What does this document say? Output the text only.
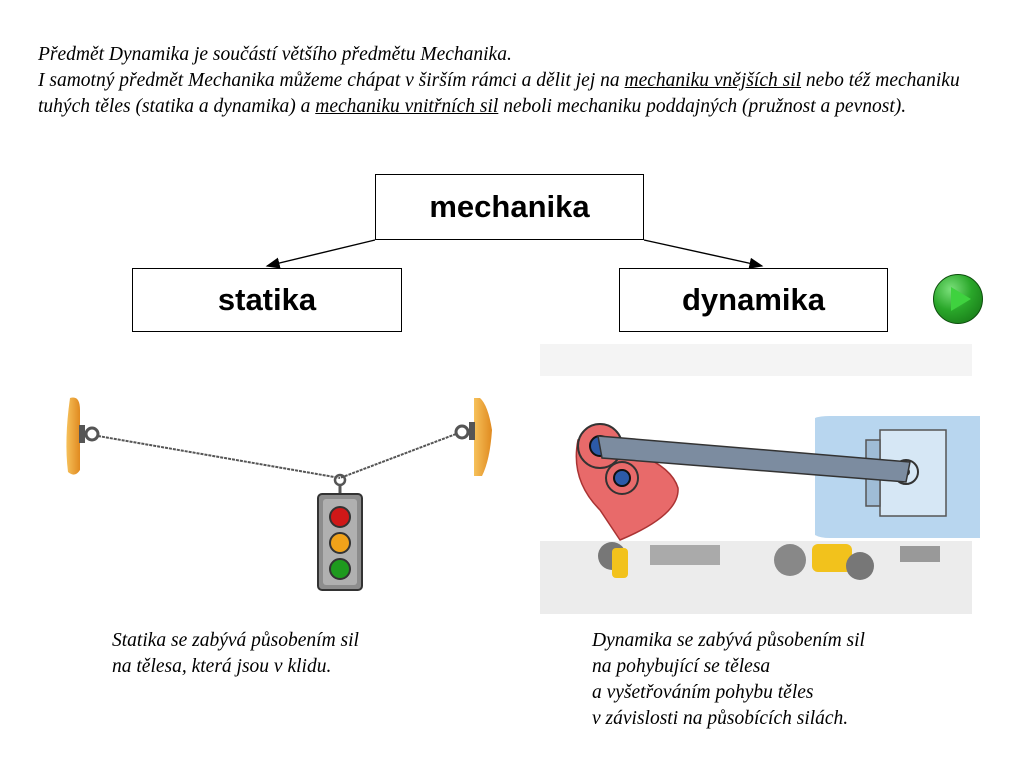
Předmět Dynamika je součástí většího předmětu Mechanika.

I samotný předmět Mechanika můžeme chápat v širším rámci a dělit jej na mechaniku vnějších sil nebo též mechaniku tuhých těles (statika a dynamika) a mechaniku vnitřních sil neboli mechaniku poddajných (pružnost a pevnost).

mechanika
statika	dynamika
Statika se zabývá působením sil
na tělesa, která jsou v klidu.
Dynamika se zabývá působením sil
na pohybující se tělesa
a vyšetřováním pohybu těles
v závislosti na působících silách.
